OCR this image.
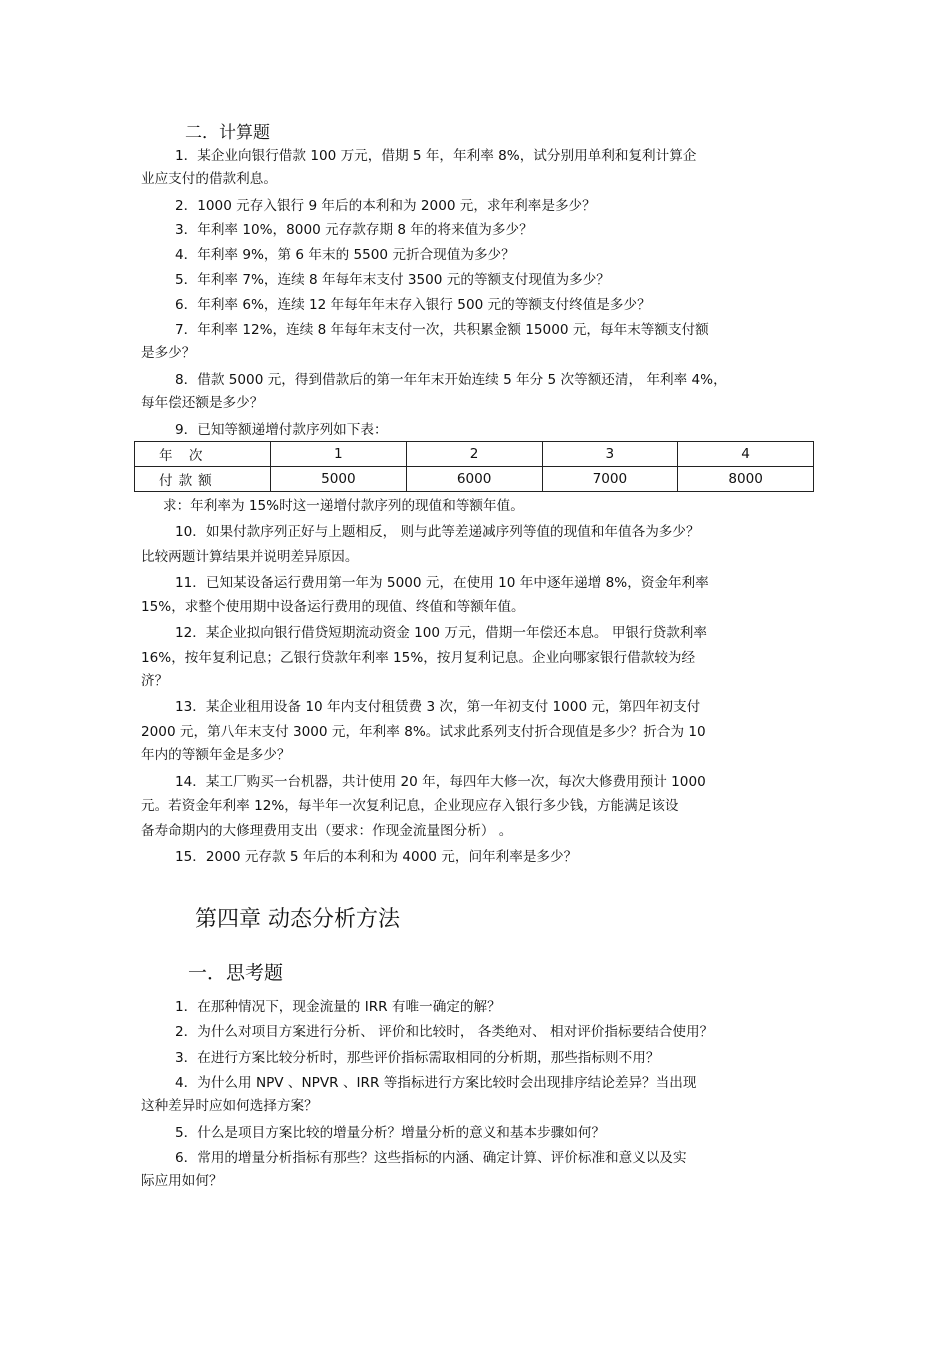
二．计算题
1．某企业向银行借款 100 万元，借期 5 年，年利率 8%，试分别用单利和复利计算企
业应支付的借款利息。
2．1000 元存入银行 9 年后的本利和为 2000 元，求年利率是多少？
3．年利率 10%，8000 元存款存期 8 年的将来值为多少？
4．年利率 9%，第 6 年末的 5500 元折合现值为多少？
5．年利率 7%，连续 8 年每年末支付 3500 元的等额支付现值为多少？
6．年利率 6%，连续 12 年每年年末存入银行 500 元的等额支付终值是多少？
7．年利率 12%，连续 8 年每年末支付一次，共积累金额 15000 元，每年末等额支付额
是多少？
8．借款 5000 元，得到借款后的第一年年末开始连续 5 年分 5 次等额还清， 年利率 4%，
每年偿还额是多少？
9．已知等额递增付款序列如下表：
年 次	1	2	3	4
付款额	5000	6000	7000	8000
求：年利率为 15%时这一递增付款序列的现值和等额年值。
10．如果付款序列正好与上题相反， 则与此等差递减序列等值的现值和年值各为多少？
比较两题计算结果并说明差异原因。
11．已知某设备运行费用第一年为 5000 元，在使用 10 年中逐年递增 8%，资金年利率
15%，求整个使用期中设备运行费用的现值、终值和等额年值。
12．某企业拟向银行借贷短期流动资金 100 万元，借期一年偿还本息。 甲银行贷款利率
16%，按年复利记息；乙银行贷款年利率 15%，按月复利记息。企业向哪家银行借款较为经
济？
13．某企业租用设备 10 年内支付租赁费 3 次，第一年初支付 1000 元，第四年初支付
2000 元，第八年末支付 3000 元，年利率 8%。试求此系列支付折合现值是多少？折合为 10
年内的等额年金是多少？
14．某工厂购买一台机器，共计使用 20 年，每四年大修一次，每次大修费用预计 1000
元。若资金年利率 12%，每半年一次复利记息，企业现应存入银行多少钱，方能满足该设
备寿命期内的大修理费用支出（要求：作现金流量图分析） 。
15．2000 元存款 5 年后的本利和为 4000 元，问年利率是多少？
第四章 动态分析方法
一．思考题
1．在那种情况下，现金流量的 IRR 有唯一确定的解？
2．为什么对项目方案进行分析、 评价和比较时， 各类绝对、 相对评价指标要结合使用？
3．在进行方案比较分析时，那些评价指标需取相同的分析期，那些指标则不用？
4．为什么用 NPV 、NPVR 、IRR 等指标进行方案比较时会出现排序结论差异？当出现
这种差异时应如何选择方案？
5．什么是项目方案比较的增量分析？增量分析的意义和基本步骤如何？
6．常用的增量分析指标有那些？这些指标的内涵、确定计算、评价标准和意义以及实
际应用如何？
